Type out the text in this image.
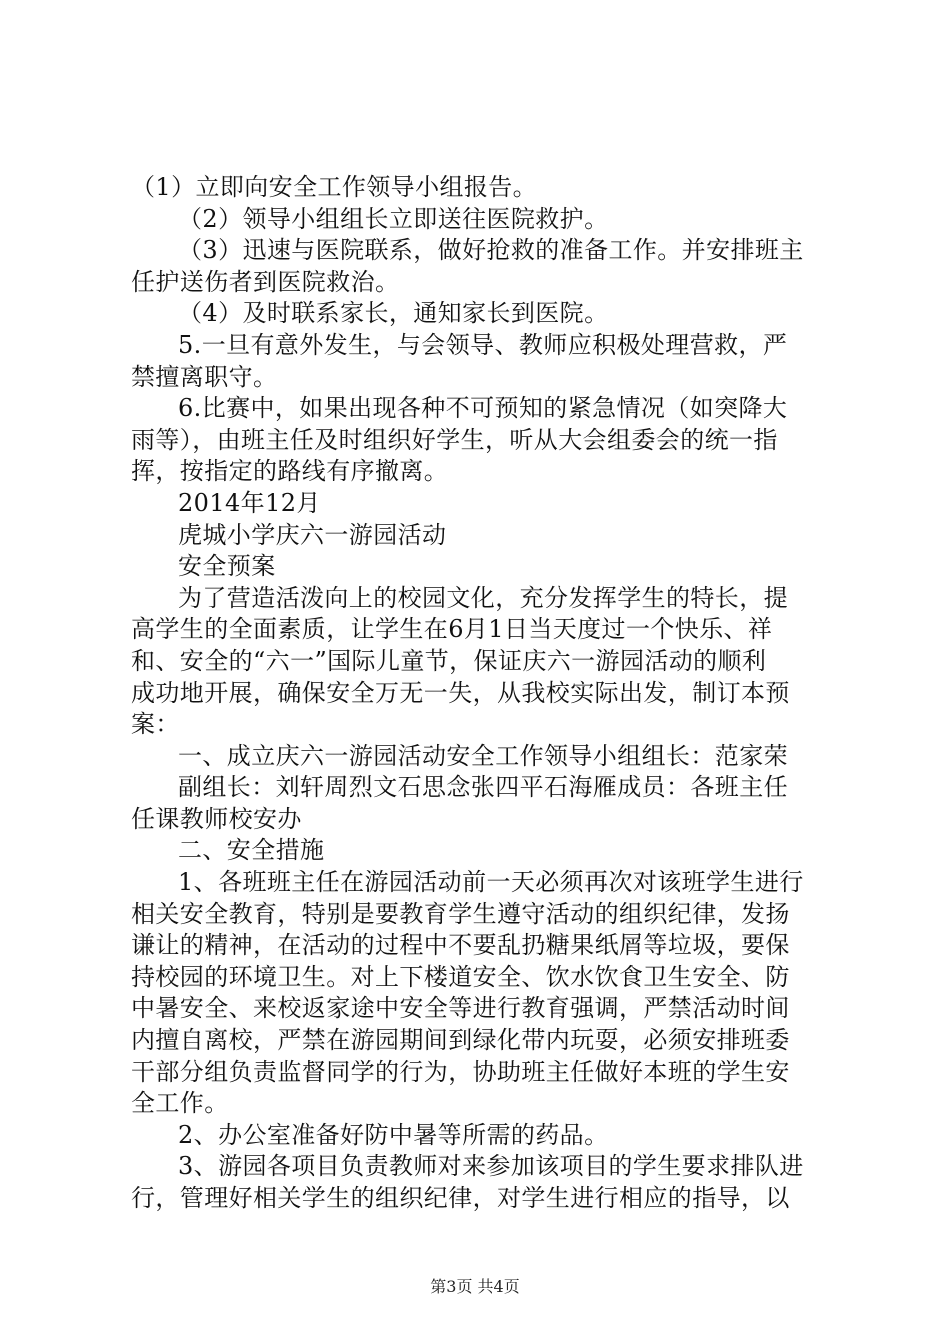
（1）立即向安全工作领导小组报告。
（2）领导小组组长立即送往医院救护。
（3）迅速与医院联系，做好抢救的准备工作。并安排班主
任护送伤者到医院救治。
（4）及时联系家长，通知家长到医院。
5.一旦有意外发生，与会领导、教师应积极处理营救，严
禁擅离职守。
6.比赛中，如果出现各种不可预知的紧急情况（如突降大
雨等），由班主任及时组织好学生，听从大会组委会的统一指
挥，按指定的路线有序撤离。
2014年12月
虎城小学庆六一游园活动
安全预案
为了营造活泼向上的校园文化，充分发挥学生的特长，提
高学生的全面素质，让学生在6月1日当天度过一个快乐、祥
和、安全的“六一”国际儿童节，保证庆六一游园活动的顺利
成功地开展，确保安全万无一失，从我校实际出发，制订本预
案：
一、成立庆六一游园活动安全工作领导小组组长：范家荣
副组长：刘轩周烈文石思念张四平石海雁成员：各班主任
任课教师校安办
二、安全措施
1、各班班主任在游园活动前一天必须再次对该班学生进行
相关安全教育，特别是要教育学生遵守活动的组织纪律，发扬
谦让的精神，在活动的过程中不要乱扔糖果纸屑等垃圾，要保
持校园的环境卫生。对上下楼道安全、饮水饮食卫生安全、防
中暑安全、来校返家途中安全等进行教育强调，严禁活动时间
内擅自离校，严禁在游园期间到绿化带内玩耍，必须安排班委
干部分组负责监督同学的行为，协助班主任做好本班的学生安
全工作。
2、办公室准备好防中暑等所需的药品。
3、游园各项目负责教师对来参加该项目的学生要求排队进
行，管理好相关学生的组织纪律，对学生进行相应的指导，以
第3页 共4页
